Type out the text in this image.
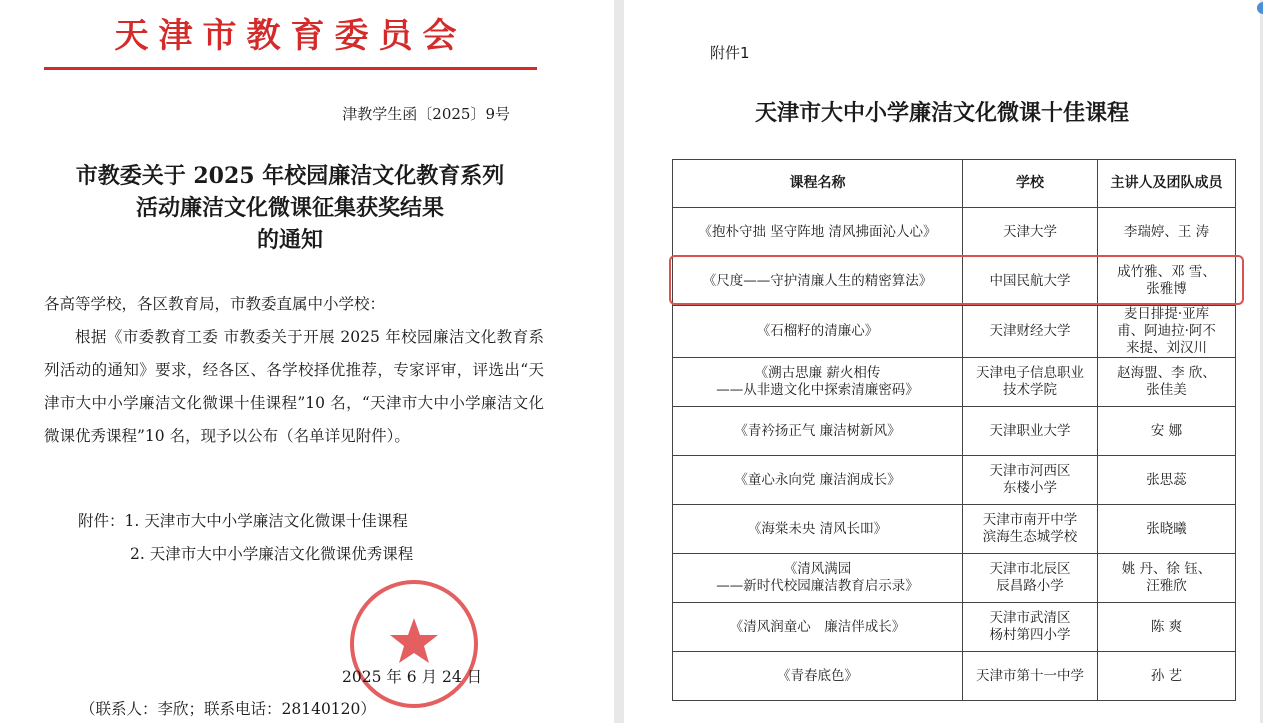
天津市教育委员会
津教学生函〔2025〕9号
市教委关于 2025 年校园廉洁文化教育系列
活动廉洁文化微课征集获奖结果
的通知

各高等学校，各区教育局，市教委直属中小学校：

根据《市委教育工委 市教委关于开展 2025 年校园廉洁文化教育系列活动的通知》要求，经各区、各学校择优推荐，专家评审，评选出“天津市大中小学廉洁文化微课十佳课程”10 名，“天津市大中小学廉洁文化微课优秀课程”10 名，现予以公布（名单详见附件）。

附件：1. 天津市大中小学廉洁文化微课十佳课程
2. 天津市大中小学廉洁文化微课优秀课程
2025 年 6 月 24 日
（联系人：李欣；联系电话：28140120）
附件1
天津市大中小学廉洁文化微课十佳课程
课程名称	学校	主讲人及团队成员
《抱朴守拙 坚守阵地 清风拂面沁人心》	天津大学	李瑞婷、王 涛
《尺度——守护清廉人生的精密算法》	中国民航大学	成竹雅、邓 雪、
张雅博
《石榴籽的清廉心》	天津财经大学	麦日排提·亚库
甫、阿迪拉·阿不
来提、刘汉川
《溯古思廉 薪火相传
——从非遗文化中探索清廉密码》	天津电子信息职业
技术学院	赵海盟、李 欣、
张佳美
《青衿扬正气 廉洁树新风》	天津职业大学	安 娜
《童心永向党 廉洁润成长》	天津市河西区
东楼小学	张思蕊
《海棠未央 清风长吅》	天津市南开中学
滨海生态城学校	张晓曦
《清风满园
——新时代校园廉洁教育启示录》	天津市北辰区
辰昌路小学	姚 丹、徐 钰、
汪雅欣
《清风润童心　廉洁伴成长》	天津市武清区
杨村第四小学	陈 爽
《青春底色》	天津市第十一中学	孙 艺
